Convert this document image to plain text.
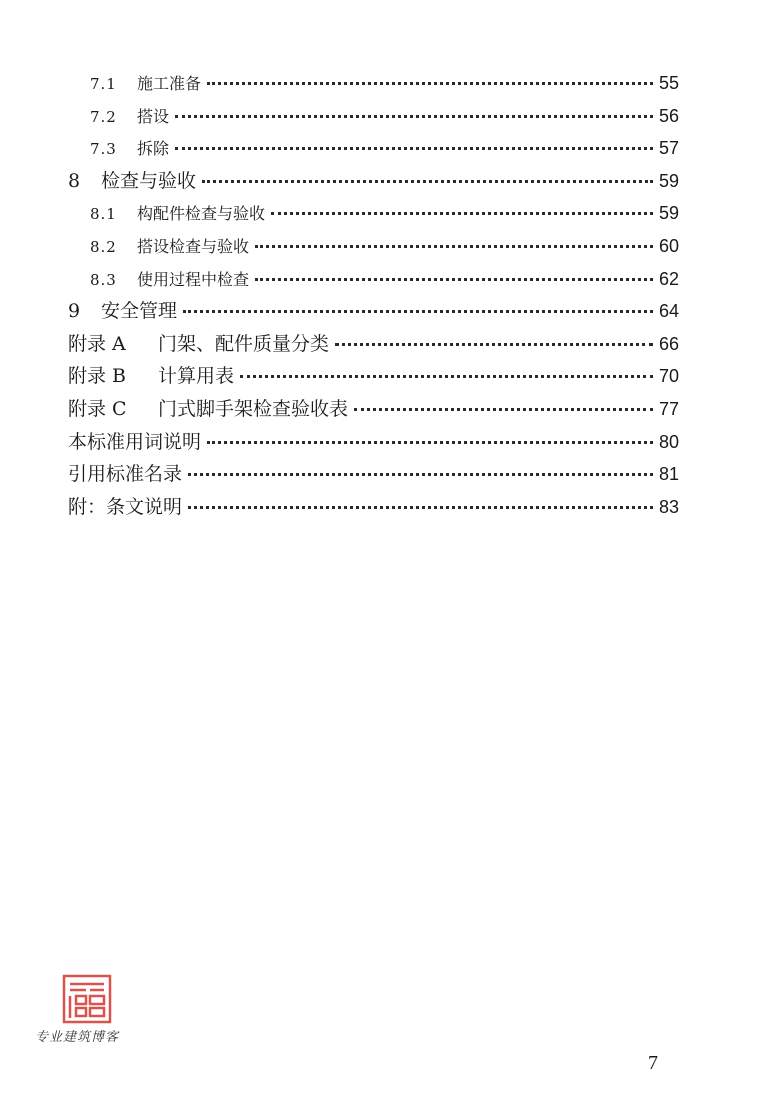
7.1	施工准备	55
7.2	搭设	56
7.3	拆除	57
8	检查与验收	59
8.1	构配件检查与验收	59
8.2	搭设检查与验收	60
8.3	使用过程中检查	62
9	安全管理	64
附录 A	门架、配件质量分类	66
附录 B	计算用表	70
附录 C	门式脚手架检查验收表	77
本标准用词说明	80
引用标准名录	81
附：条文说明	83
专业建筑博客
7
